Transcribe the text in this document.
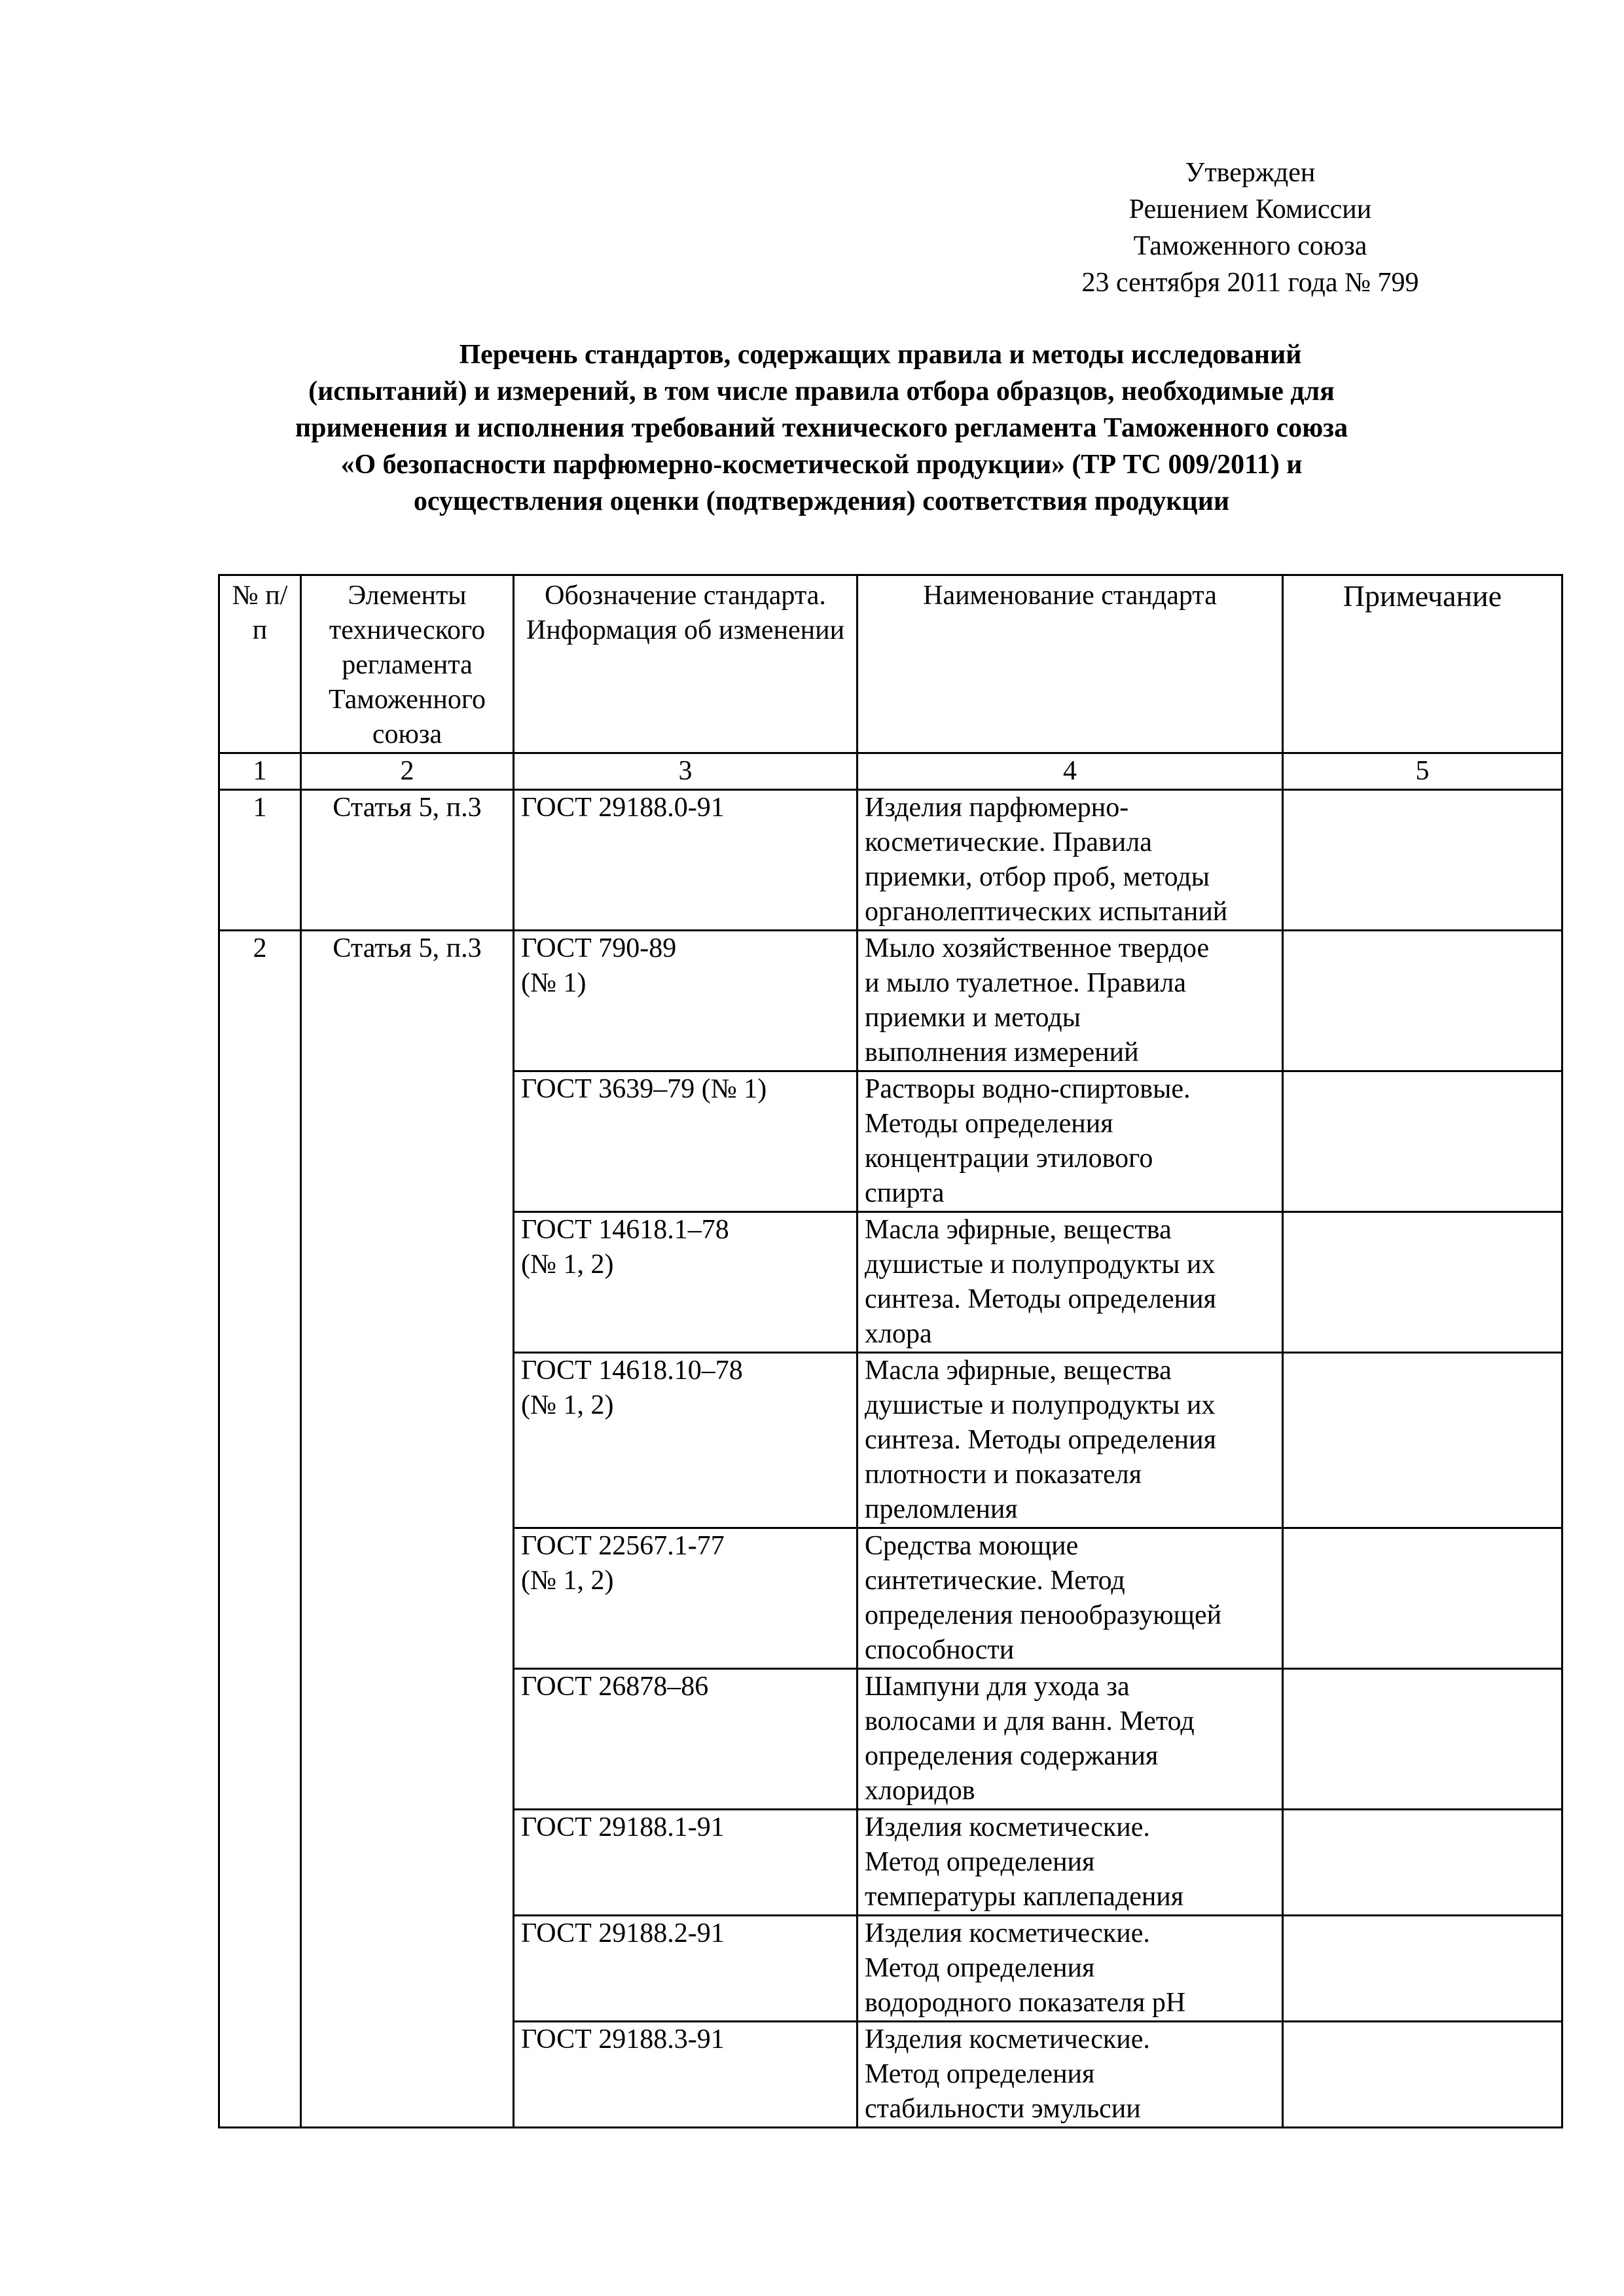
Утвержден
Решением Комиссии
Таможенного союза
23 сентября 2011 года № 799
Перечень стандартов, содержащих правила и методы исследований
(испытаний) и измерений, в том числе правила отбора образцов, необходимые для
применения и исполнения требований технического регламента Таможенного союза
«О безопасности парфюмерно-косметической продукции» (ТР ТС 009/2011) и
осуществления оценки (подтверждения) соответствия продукции
№ п/п	Элементы технического регламента Таможенного союза	Обозначение стандарта. Информация об изменении	Наименование стандарта	Примечание
1	2	3	4	5
1	Статья 5, п.3	ГОСТ 29188.0-91	Изделия парфюмерно-
косметические. Правила
приемки, отбор проб, методы
органолептических испытаний	

2	Статья 5, п.3	ГОСТ 790-89
(№ 1)	Мыло хозяйственное твердое
и мыло туалетное. Правила
приемки и методы
выполнения измерений	

		ГОСТ 3639–79 (№ 1)	Растворы водно-спиртовые.
Методы определения
концентрации этилового
спирта	

		ГОСТ 14618.1–78
(№ 1, 2)	Масла эфирные, вещества
душистые и полупродукты их
синтеза. Методы определения
хлора	

		ГОСТ 14618.10–78
(№ 1, 2)	Масла эфирные, вещества
душистые и полупродукты их
синтеза. Методы определения
плотности и показателя
преломления	

		ГОСТ 22567.1-77
(№ 1, 2)	Средства моющие
синтетические. Метод
определения пенообразующей
способности	

		ГОСТ 26878–86	Шампуни для ухода за
волосами и для ванн. Метод
определения содержания
хлоридов	

		ГОСТ 29188.1-91	Изделия косметические.
Метод определения
температуры каплепадения	

		ГОСТ 29188.2-91	Изделия косметические.
Метод определения
водородного показателя pH	

		ГОСТ 29188.3-91	Изделия косметические.
Метод определения
стабильности эмульсии	
